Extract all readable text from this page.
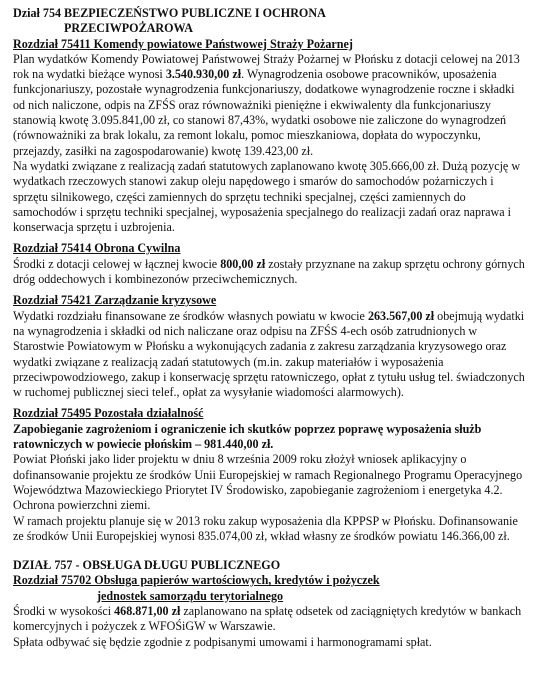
Dział 754 BEZPIECZEŃSTWO PUBLICZNE I OCHRONA
PRZECIWPOŻAROWA
Rozdział 75411 Komendy powiatowe Państwowej Straży Pożarnej
Plan wydatków Komendy Powiatowej Państwowej Straży Pożarnej w Płońsku z dotacji celowej na 2013 rok na wydatki bieżące wynosi 3.540.930,00 zł. Wynagrodzenia osobowe pracowników, uposażenia funkcjonariuszy, pozostałe wynagrodzenia funkcjonariuszy, dodatkowe wynagrodzenie roczne i składki od nich naliczone, odpis na ZFŚS oraz równoważniki pieniężne i ekwiwalenty dla funkcjonariuszy stanowią kwotę 3.095.841,00 zł, co stanowi 87,43%, wydatki osobowe nie zaliczone do wynagrodzeń (równoważniki za brak lokalu, za remont lokalu, pomoc mieszkaniowa, dopłata do wypoczynku, przejazdy, zasiłki na zagospodarowanie) kwotę 139.423,00 zł.
Na wydatki związane z realizacją zadań statutowych zaplanowano kwotę 305.666,00 zł. Dużą pozycję w wydatkach rzeczowych stanowi zakup oleju napędowego i smarów do samochodów pożarniczych i sprzętu silnikowego, części zamiennych do sprzętu techniki specjalnej, części zamiennych do samochodów i sprzętu techniki specjalnej, wyposażenia specjalnego do realizacji zadań oraz naprawa i konserwacja sprzętu i uzbrojenia.
Rozdział 75414 Obrona Cywilna
Środki z dotacji celowej w łącznej kwocie 800,00 zł zostały przyznane na zakup sprzętu ochrony górnych dróg oddechowych i kombinezonów przeciwchemicznych.
Rozdział 75421 Zarządzanie kryzysowe
Wydatki rozdziału finansowane ze środków własnych powiatu w kwocie 263.567,00 zł obejmują wydatki na wynagrodzenia i składki od nich naliczane oraz odpisu na ZFŚS 4-ech osób zatrudnionych w Starostwie Powiatowym w Płońsku a wykonujących zadania z zakresu zarządzania kryzysowego oraz wydatki związane z realizacją zadań statutowych (m.in. zakup materiałów i wyposażenia przeciwpowodziowego, zakup i konserwację sprzętu ratowniczego, opłat z tytułu usług tel. świadczonych w ruchomej publicznej sieci telef., opłat za wysyłanie wiadomości alarmowych).
Rozdział 75495 Pozostała działalność
Zapobieganie zagrożeniom i ograniczenie ich skutków poprzez poprawę wyposażenia służb ratowniczych w powiecie płońskim – 981.440,00 zł.
Powiat Płoński jako lider projektu w dniu 8 września 2009 roku złożył wniosek aplikacyjny o dofinansowanie projektu ze środków Unii Europejskiej w ramach Regionalnego Programu Operacyjnego Województwa Mazowieckiego Priorytet IV Środowisko, zapobieganie zagrożeniom i energetyka 4.2. Ochrona powierzchni ziemi.
W ramach projektu planuje się w 2013 roku zakup wyposażenia dla KPPSP w Płońsku. Dofinansowanie ze środków Unii Europejskiej wynosi 835.074,00 zł, wkład własny ze środków powiatu 146.366,00 zł.
DZIAŁ 757 - OBSŁUGA DŁUGU PUBLICZNEGO
Rozdział 75702 Obsługa papierów wartościowych, kredytów i pożyczek
jednostek samorządu terytorialnego
Środki w wysokości 468.871,00 zł zaplanowano na spłatę odsetek od zaciągniętych kredytów w bankach komercyjnych i pożyczek z WFOŚiGW w Warszawie.
Spłata odbywać się będzie zgodnie z podpisanymi umowami i harmonogramami spłat.
